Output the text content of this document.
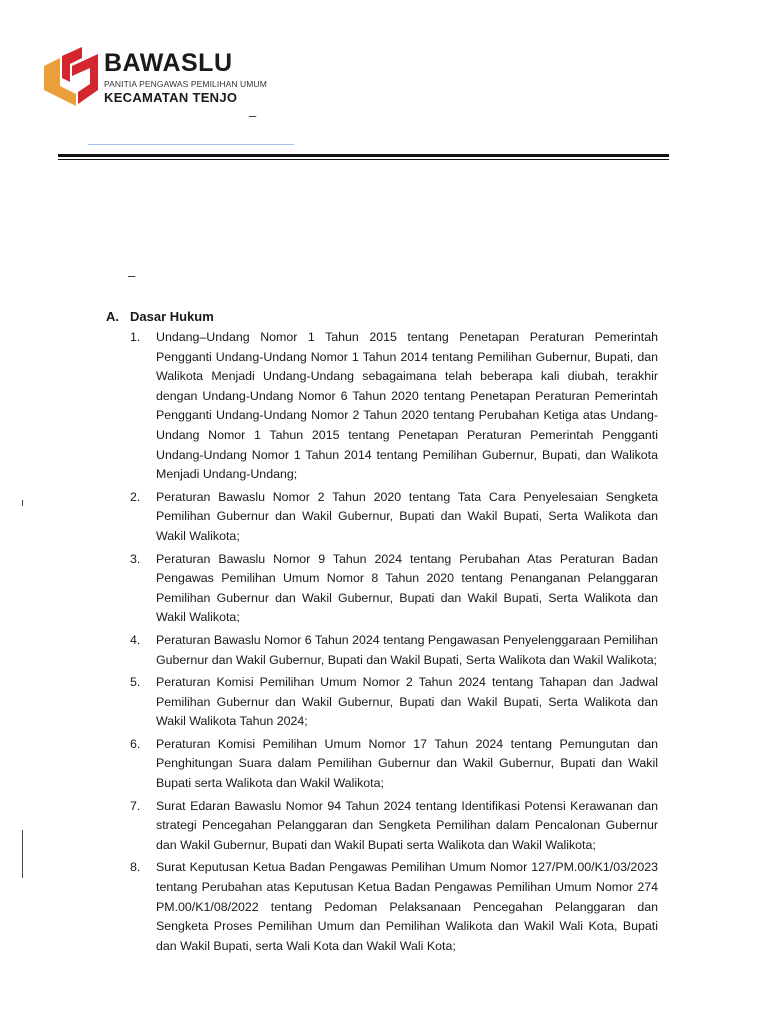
BAWASLU
PANITIA PENGAWAS PEMILIHAN UMUM
KECAMATAN TENJO
–
–
A. Dasar Hukum
1. Undang–Undang Nomor 1 Tahun 2015 tentang Penetapan Peraturan Pemerintah Pengganti Undang-Undang Nomor 1 Tahun 2014 tentang Pemilihan Gubernur, Bupati, dan Walikota Menjadi Undang-Undang sebagaimana telah beberapa kali diubah, terakhir dengan Undang-Undang Nomor 6 Tahun 2020 tentang Penetapan Peraturan Pemerintah Pengganti Undang-Undang Nomor 2 Tahun 2020 tentang Perubahan Ketiga atas Undang-Undang Nomor 1 Tahun 2015 tentang Penetapan Peraturan Pemerintah Pengganti Undang-Undang Nomor 1 Tahun 2014 tentang Pemilihan Gubernur, Bupati, dan Walikota Menjadi Undang-Undang;
2. Peraturan Bawaslu Nomor 2 Tahun 2020 tentang Tata Cara Penyelesaian Sengketa Pemilihan Gubernur dan Wakil Gubernur, Bupati dan Wakil Bupati, Serta Walikota dan Wakil Walikota;
3. Peraturan Bawaslu Nomor 9 Tahun 2024 tentang Perubahan Atas Peraturan Badan Pengawas Pemilihan Umum Nomor 8 Tahun 2020 tentang Penanganan Pelanggaran Pemilihan Gubernur dan Wakil Gubernur, Bupati dan Wakil Bupati, Serta Walikota dan Wakil Walikota;
4. Peraturan Bawaslu Nomor 6 Tahun 2024 tentang Pengawasan Penyelenggaraan Pemilihan Gubernur dan Wakil Gubernur, Bupati dan Wakil Bupati, Serta Walikota dan Wakil Walikota;
5. Peraturan Komisi Pemilihan Umum Nomor 2 Tahun 2024 tentang Tahapan dan Jadwal Pemilihan Gubernur dan Wakil Gubernur, Bupati dan Wakil Bupati, Serta Walikota dan Wakil Walikota Tahun 2024;
6. Peraturan Komisi Pemilihan Umum Nomor 17 Tahun 2024 tentang Pemungutan dan Penghitungan Suara dalam Pemilihan Gubernur dan Wakil Gubernur, Bupati dan Wakil Bupati serta Walikota dan Wakil Walikota;
7. Surat Edaran Bawaslu Nomor 94 Tahun 2024 tentang Identifikasi Potensi Kerawanan dan strategi Pencegahan Pelanggaran dan Sengketa Pemilihan dalam Pencalonan Gubernur dan Wakil Gubernur, Bupati dan Wakil Bupati serta Walikota dan Wakil Walikota;
8. Surat Keputusan Ketua Badan Pengawas Pemilihan Umum Nomor 127/PM.00/K1/03/2023 tentang Perubahan atas Keputusan Ketua Badan Pengawas Pemilihan Umum Nomor 274 PM.00/K1/08/2022 tentang Pedoman Pelaksanaan Pencegahan Pelanggaran dan Sengketa Proses Pemilihan Umum dan Pemilihan Walikota dan Wakil Wali Kota, Bupati dan Wakil Bupati, serta Wali Kota dan Wakil Wali Kota;
